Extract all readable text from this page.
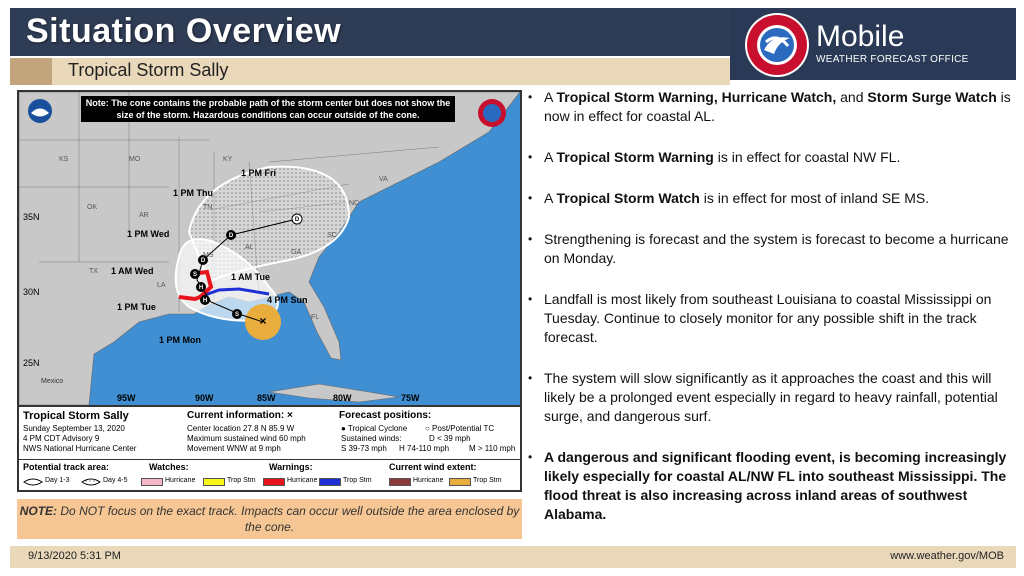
Situation Overview
Tropical Storm Sally
Mobile
WEATHER FORECAST OFFICE
×
D
D
D
S
H
H
S
Note: The cone contains the probable path of the storm center but does not show the size of the storm. Hazardous conditions can occur outside of the cone.
1 PM Fri
1 PM Thu
1 PM Wed
1 AM Wed
1 AM Tue
4 PM Sun
1 PM Tue
1 PM Mon
35N
30N
25N
95W	90W	85W	80W	75W
KS	MO	KY
OK
AR
TN
MS
AL
GA
SC
NC
VA
TX
LA
FL
Mexico
Tropical Storm Sally
Sunday September 13, 2020
4 PM CDT Advisory 9
NWS National Hurricane Center
Current information: ×
Center location 27.8 N 85.9 W
Maximum sustained wind 60 mph
Movement WNW at 9 mph
Forecast positions:
● Tropical Cyclone ○ Post/Potential TC
Sustained winds:	D < 39 mph
S 39-73 mph H 74-110 mph M > 110 mph
Potential track area:
Day 1-3	Day 4-5
Watches:
Hurricane	Trop Stm
Warnings:
Hurricane	Trop Stm
Current wind extent:
Hurricane	Trop Stm
NOTE: Do NOT focus on the exact track. Impacts can occur well outside the area enclosed by the cone.
• A Tropical Storm Warning, Hurricane Watch, and Storm Surge Watch is now in effect for coastal AL.
• A Tropical Storm Warning is in effect for coastal NW FL.
• A Tropical Storm Watch is in effect for most of inland SE MS.
• Strengthening is forecast and the system is forecast to become a hurricane on Monday.
• Landfall is most likely from southeast Louisiana to coastal Mississippi on Tuesday. Continue to closely monitor for any possible shift in the track forecast.
• The system will slow significantly as it approaches the coast and this will likely be a prolonged event especially in regard to heavy rainfall, potential surge, and dangerous surf.
• A dangerous and significant flooding event, is becoming increasingly likely especially for coastal AL/NW FL into southeast Mississippi. The flood threat is also increasing across inland areas of southwest Alabama.
9/13/2020 5:31 PM	www.weather.gov/MOB
